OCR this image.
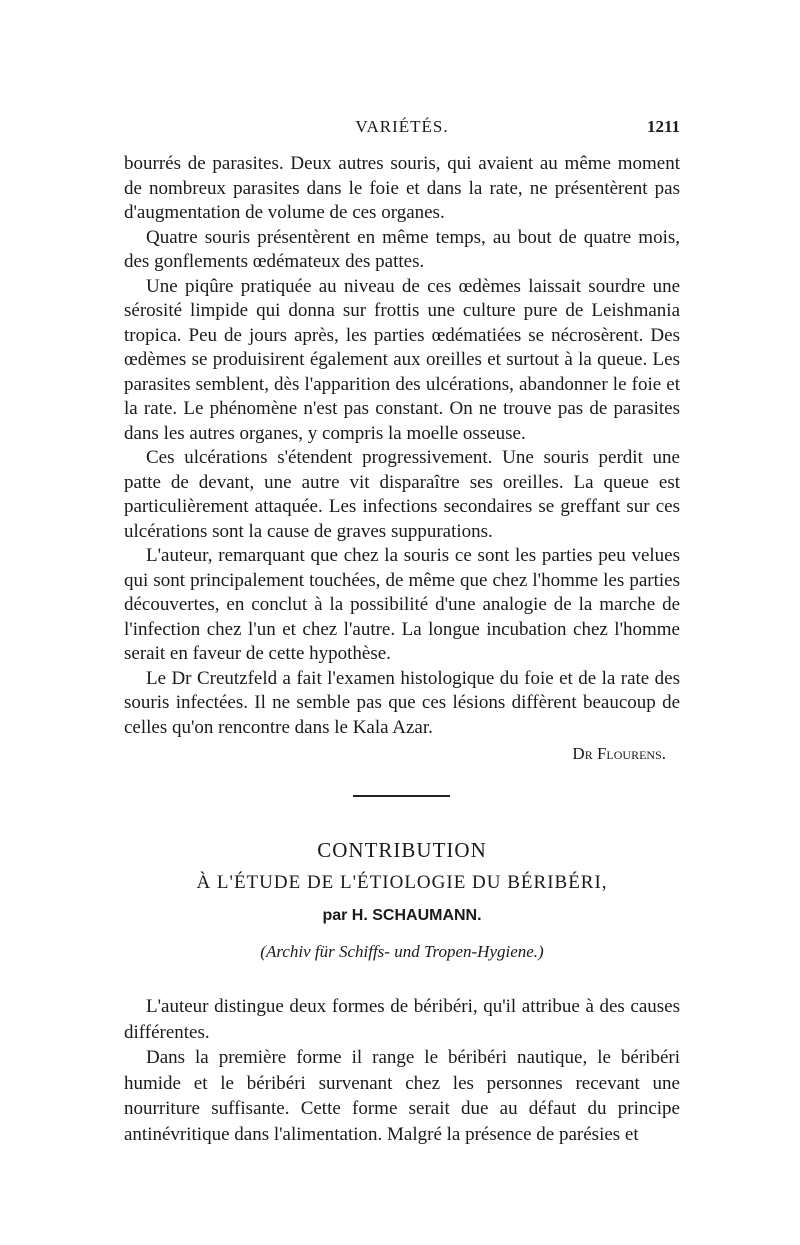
VARIÉTÉS.	1211

bourrés de parasites. Deux autres souris, qui avaient au même moment de nombreux parasites dans le foie et dans la rate, ne présentèrent pas d'augmentation de volume de ces organes.

Quatre souris présentèrent en même temps, au bout de quatre mois, des gonflements œdémateux des pattes.

Une piqûre pratiquée au niveau de ces œdèmes laissait sourdre une sérosité limpide qui donna sur frottis une culture pure de Leishmania tropica. Peu de jours après, les parties œdématiées se nécrosèrent. Des œdèmes se produisirent également aux oreilles et surtout à la queue. Les parasites semblent, dès l'apparition des ulcérations, abandonner le foie et la rate. Le phénomène n'est pas constant. On ne trouve pas de parasites dans les autres organes, y compris la moelle osseuse.

Ces ulcérations s'étendent progressivement. Une souris perdit une patte de devant, une autre vit disparaître ses oreilles. La queue est particulièrement attaquée. Les infections secondaires se greffant sur ces ulcérations sont la cause de graves suppurations.

L'auteur, remarquant que chez la souris ce sont les parties peu velues qui sont principalement touchées, de même que chez l'homme les parties découvertes, en conclut à la possibilité d'une analogie de la marche de l'infection chez l'un et chez l'autre. La longue incubation chez l'homme serait en faveur de cette hypothèse.

Le Dr Creutzfeld a fait l'examen histologique du foie et de la rate des souris infectées. Il ne semble pas que ces lésions diffèrent beaucoup de celles qu'on rencontre dans le Kala Azar.

Dr Flourens.
CONTRIBUTION
À L'ÉTUDE DE L'ÉTIOLOGIE DU BÉRIBÉRI,
par H. SCHAUMANN.
(Archiv für Schiffs- und Tropen-Hygiene.)

L'auteur distingue deux formes de béribéri, qu'il attribue à des causes différentes.

Dans la première forme il range le béribéri nautique, le béribéri humide et le béribéri survenant chez les personnes recevant une nourriture suffisante. Cette forme serait due au défaut du principe antinévritique dans l'alimentation. Malgré la présence de parésies et
